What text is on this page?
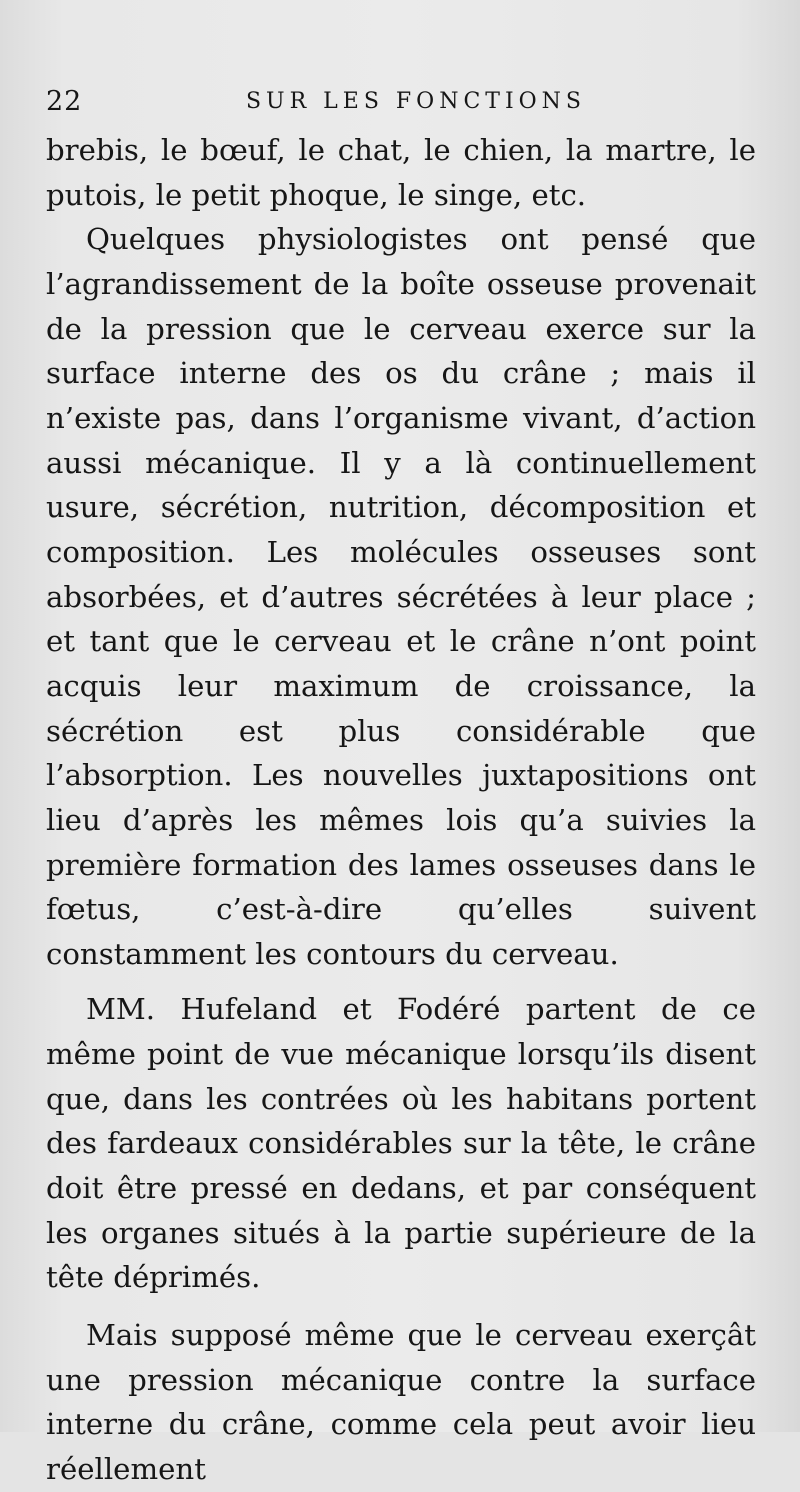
22	SUR LES FONCTIONS

brebis, le bœuf, le chat, le chien, la martre, le putois, le petit phoque, le singe, etc.

Quelques physiologistes ont pensé que l’agrandissement de la boîte osseuse provenait de la pression que le cerveau exerce sur la surface interne des os du crâne ; mais il n’existe pas, dans l’organisme vivant, d’action aussi mécanique. Il y a là continuellement usure, sécrétion, nutrition, décomposition et composition. Les molécules osseuses sont absorbées, et d’autres sécrétées à leur place ; et tant que le cerveau et le crâne n’ont point acquis leur maximum de croissance, la sécrétion est plus considérable que l’absorption. Les nouvelles juxtapositions ont lieu d’après les mêmes lois qu’a suivies la première formation des lames osseuses dans le fœtus, c’est-à-dire qu’elles suivent constamment les contours du cerveau.

MM. Hufeland et Fodéré partent de ce même point de vue mécanique lorsqu’ils disent que, dans les contrées où les habitans portent des fardeaux considérables sur la tête, le crâne doit être pressé en dedans, et par conséquent les organes situés à la partie supérieure de la tête déprimés.

Mais supposé même que le cerveau exerçât une pression mécanique contre la surface interne du crâne, comme cela peut avoir lieu réellement
